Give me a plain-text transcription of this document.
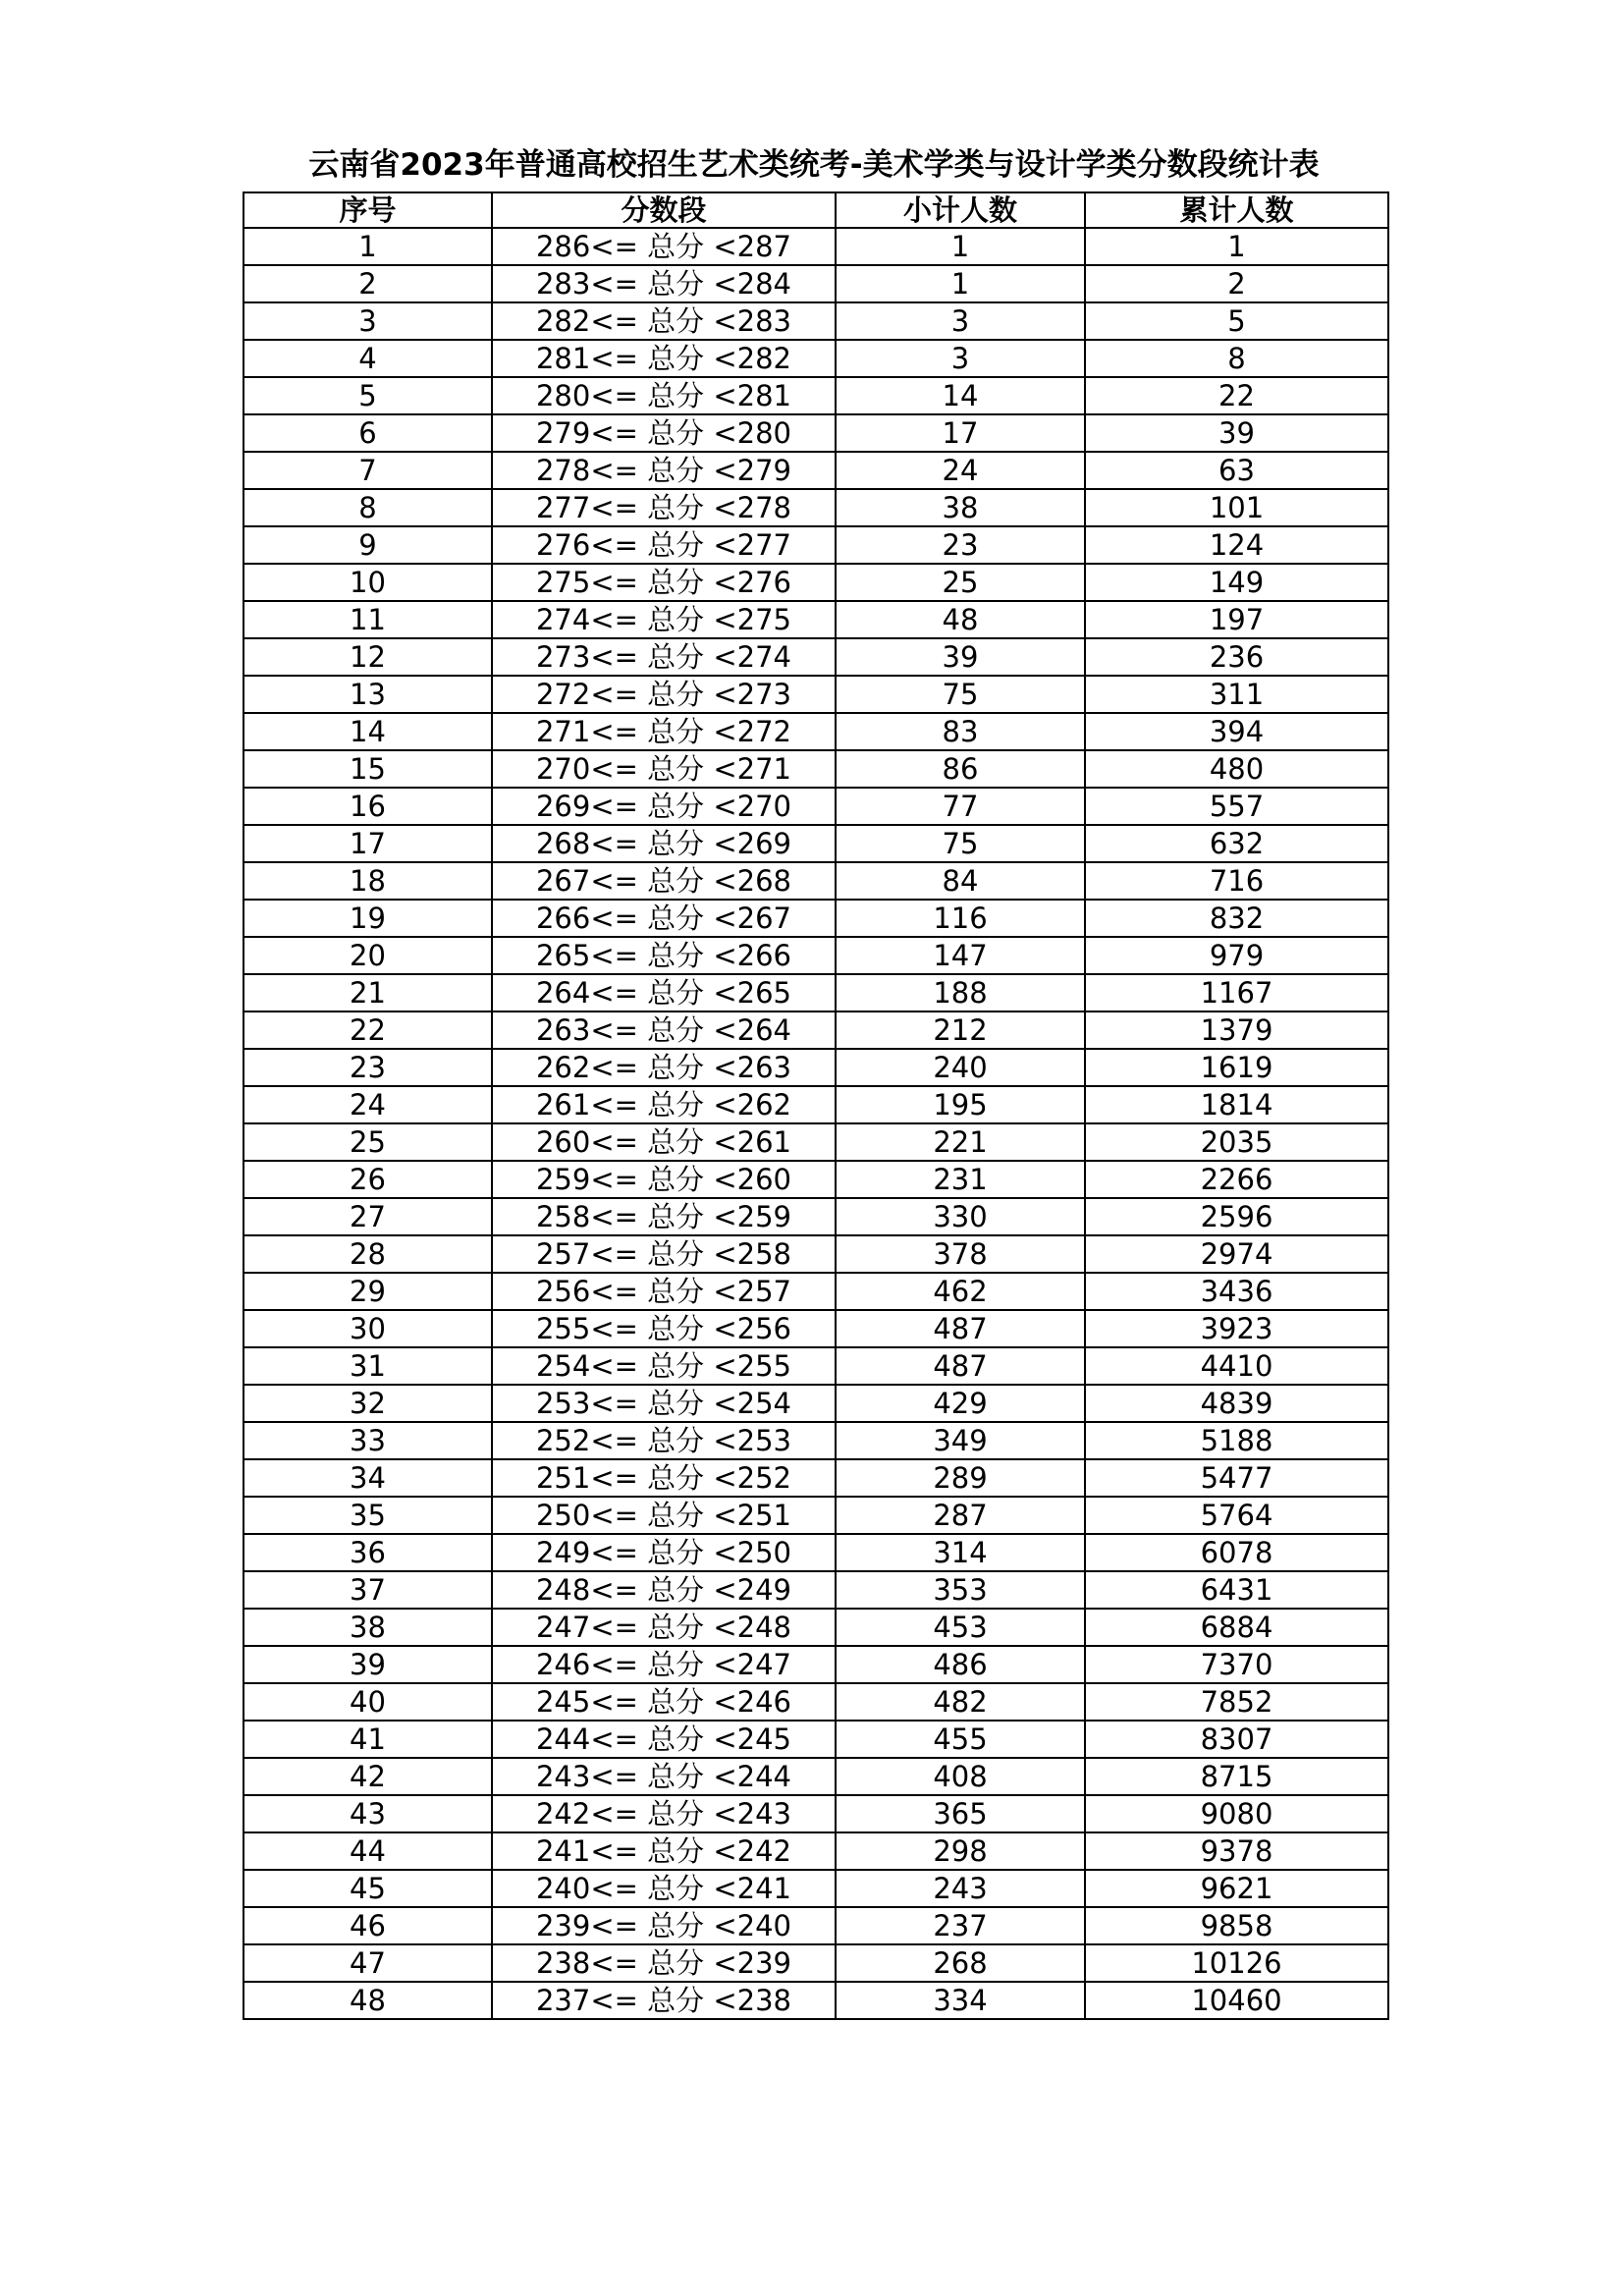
云南省2023年普通高校招生艺术类统考-美术学类与设计学类分数段统计表
序号	分数段	小计人数	累计人数
1	286<= 总分 <287	1	1
2	283<= 总分 <284	1	2
3	282<= 总分 <283	3	5
4	281<= 总分 <282	3	8
5	280<= 总分 <281	14	22
6	279<= 总分 <280	17	39
7	278<= 总分 <279	24	63
8	277<= 总分 <278	38	101
9	276<= 总分 <277	23	124
10	275<= 总分 <276	25	149
11	274<= 总分 <275	48	197
12	273<= 总分 <274	39	236
13	272<= 总分 <273	75	311
14	271<= 总分 <272	83	394
15	270<= 总分 <271	86	480
16	269<= 总分 <270	77	557
17	268<= 总分 <269	75	632
18	267<= 总分 <268	84	716
19	266<= 总分 <267	116	832
20	265<= 总分 <266	147	979
21	264<= 总分 <265	188	1167
22	263<= 总分 <264	212	1379
23	262<= 总分 <263	240	1619
24	261<= 总分 <262	195	1814
25	260<= 总分 <261	221	2035
26	259<= 总分 <260	231	2266
27	258<= 总分 <259	330	2596
28	257<= 总分 <258	378	2974
29	256<= 总分 <257	462	3436
30	255<= 总分 <256	487	3923
31	254<= 总分 <255	487	4410
32	253<= 总分 <254	429	4839
33	252<= 总分 <253	349	5188
34	251<= 总分 <252	289	5477
35	250<= 总分 <251	287	5764
36	249<= 总分 <250	314	6078
37	248<= 总分 <249	353	6431
38	247<= 总分 <248	453	6884
39	246<= 总分 <247	486	7370
40	245<= 总分 <246	482	7852
41	244<= 总分 <245	455	8307
42	243<= 总分 <244	408	8715
43	242<= 总分 <243	365	9080
44	241<= 总分 <242	298	9378
45	240<= 总分 <241	243	9621
46	239<= 总分 <240	237	9858
47	238<= 总分 <239	268	10126
48	237<= 总分 <238	334	10460
